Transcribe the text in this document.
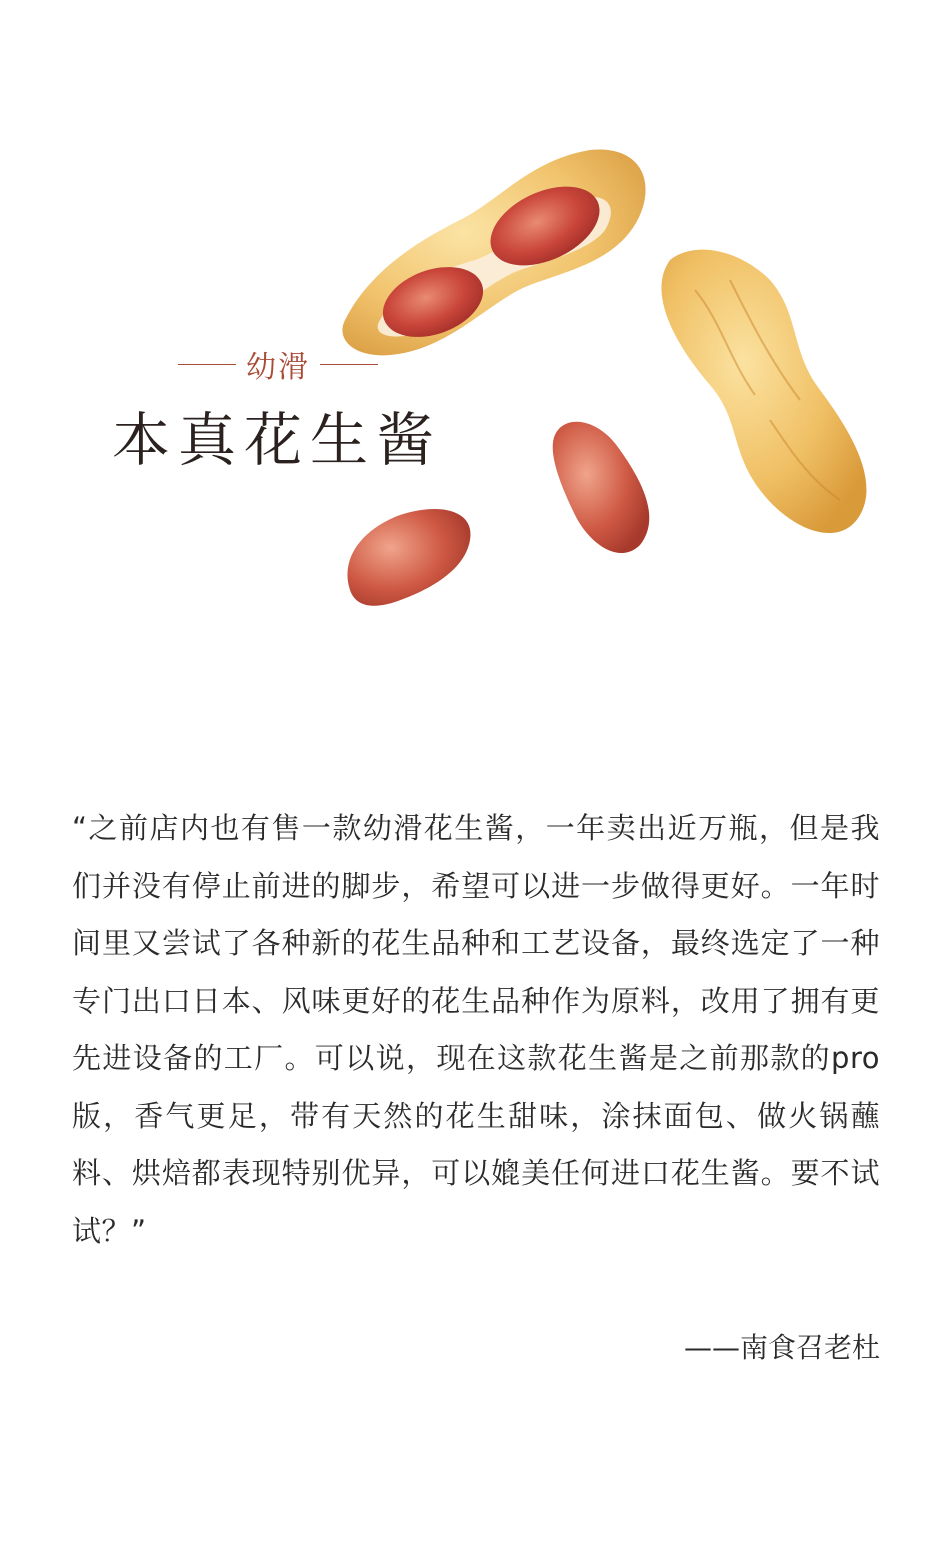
幼滑
本真花生酱
“之前店内也有售一款幼滑花生酱，一年卖出近万瓶，但是我们并没有停止前进的脚步，希望可以进一步做得更好。一年时间里又尝试了各种新的花生品种和工艺设备，最终选定了一种专门出口日本、风味更好的花生品种作为原料，改用了拥有更先进设备的工厂。可以说，现在这款花生酱是之前那款的pro版，香气更足，带有天然的花生甜味，涂抹面包、做火锅蘸料、烘焙都表现特别优异，可以媲美任何进口花生酱。要不试试？”
——南食召老杜
